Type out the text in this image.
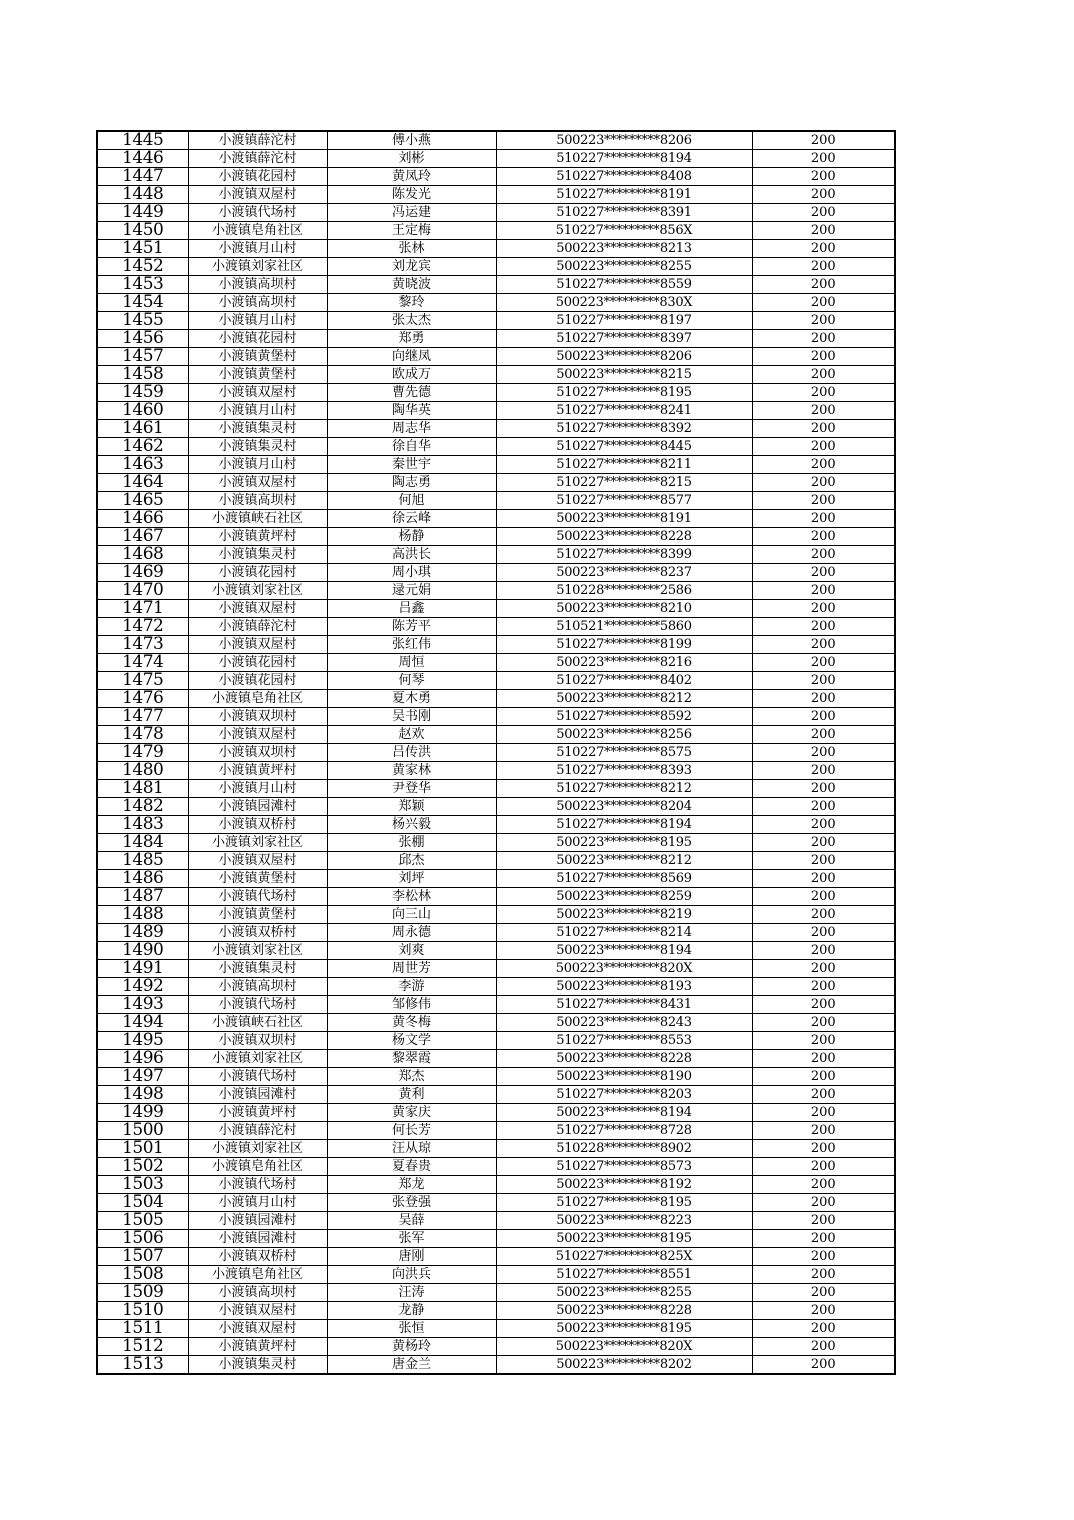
1445	小渡镇薛沱村	傅小燕	500223*********8206	200
1446	小渡镇薛沱村	刘彬	510227*********8194	200
1447	小渡镇花园村	黄凤玲	510227*********8408	200
1448	小渡镇双屋村	陈发光	510227*********8191	200
1449	小渡镇代场村	冯运建	510227*********8391	200
1450	小渡镇皂角社区	王定梅	510227*********856X	200
1451	小渡镇月山村	张林	500223*********8213	200
1452	小渡镇刘家社区	刘龙宾	500223*********8255	200
1453	小渡镇高坝村	黄晓波	510227*********8559	200
1454	小渡镇高坝村	黎玲	500223*********830X	200
1455	小渡镇月山村	张太杰	510227*********8197	200
1456	小渡镇花园村	郑勇	510227*********8397	200
1457	小渡镇黄堡村	向继凤	500223*********8206	200
1458	小渡镇黄堡村	欧成万	500223*********8215	200
1459	小渡镇双屋村	曹先德	510227*********8195	200
1460	小渡镇月山村	陶华英	510227*********8241	200
1461	小渡镇集灵村	周志华	510227*********8392	200
1462	小渡镇集灵村	徐自华	510227*********8445	200
1463	小渡镇月山村	秦世宇	510227*********8211	200
1464	小渡镇双屋村	陶志勇	510227*********8215	200
1465	小渡镇高坝村	何旭	510227*********8577	200
1466	小渡镇峡石社区	徐云峰	500223*********8191	200
1467	小渡镇黄坪村	杨静	500223*********8228	200
1468	小渡镇集灵村	高洪长	510227*********8399	200
1469	小渡镇花园村	周小琪	500223*********8237	200
1470	小渡镇刘家社区	逯元娟	510228*********2586	200
1471	小渡镇双屋村	吕鑫	500223*********8210	200
1472	小渡镇薛沱村	陈芳平	510521*********5860	200
1473	小渡镇双屋村	张红伟	510227*********8199	200
1474	小渡镇花园村	周恒	500223*********8216	200
1475	小渡镇花园村	何琴	510227*********8402	200
1476	小渡镇皂角社区	夏木勇	500223*********8212	200
1477	小渡镇双坝村	吴书刚	510227*********8592	200
1478	小渡镇双屋村	赵欢	500223*********8256	200
1479	小渡镇双坝村	吕传洪	510227*********8575	200
1480	小渡镇黄坪村	黄家林	510227*********8393	200
1481	小渡镇月山村	尹登华	510227*********8212	200
1482	小渡镇园滩村	郑颖	500223*********8204	200
1483	小渡镇双桥村	杨兴毅	510227*********8194	200
1484	小渡镇刘家社区	张棚	500223*********8195	200
1485	小渡镇双屋村	邱杰	500223*********8212	200
1486	小渡镇黄堡村	刘坪	510227*********8569	200
1487	小渡镇代场村	李松林	500223*********8259	200
1488	小渡镇黄堡村	向三山	500223*********8219	200
1489	小渡镇双桥村	周永德	510227*********8214	200
1490	小渡镇刘家社区	刘爽	500223*********8194	200
1491	小渡镇集灵村	周世芳	500223*********820X	200
1492	小渡镇高坝村	李游	500223*********8193	200
1493	小渡镇代场村	邹修伟	510227*********8431	200
1494	小渡镇峡石社区	黄冬梅	500223*********8243	200
1495	小渡镇双坝村	杨文学	510227*********8553	200
1496	小渡镇刘家社区	黎翠霞	500223*********8228	200
1497	小渡镇代场村	郑杰	500223*********8190	200
1498	小渡镇园滩村	黄利	510227*********8203	200
1499	小渡镇黄坪村	黄家庆	500223*********8194	200
1500	小渡镇薛沱村	何长芳	510227*********8728	200
1501	小渡镇刘家社区	汪从琼	510228*********8902	200
1502	小渡镇皂角社区	夏春贵	510227*********8573	200
1503	小渡镇代场村	郑龙	500223*********8192	200
1504	小渡镇月山村	张登强	510227*********8195	200
1505	小渡镇园滩村	吴薛	500223*********8223	200
1506	小渡镇园滩村	张军	500223*********8195	200
1507	小渡镇双桥村	唐刚	510227*********825X	200
1508	小渡镇皂角社区	向洪兵	510227*********8551	200
1509	小渡镇高坝村	汪涛	500223*********8255	200
1510	小渡镇双屋村	龙静	500223*********8228	200
1511	小渡镇双屋村	张恒	500223*********8195	200
1512	小渡镇黄坪村	黄杨玲	500223*********820X	200
1513	小渡镇集灵村	唐金兰	500223*********8202	200
